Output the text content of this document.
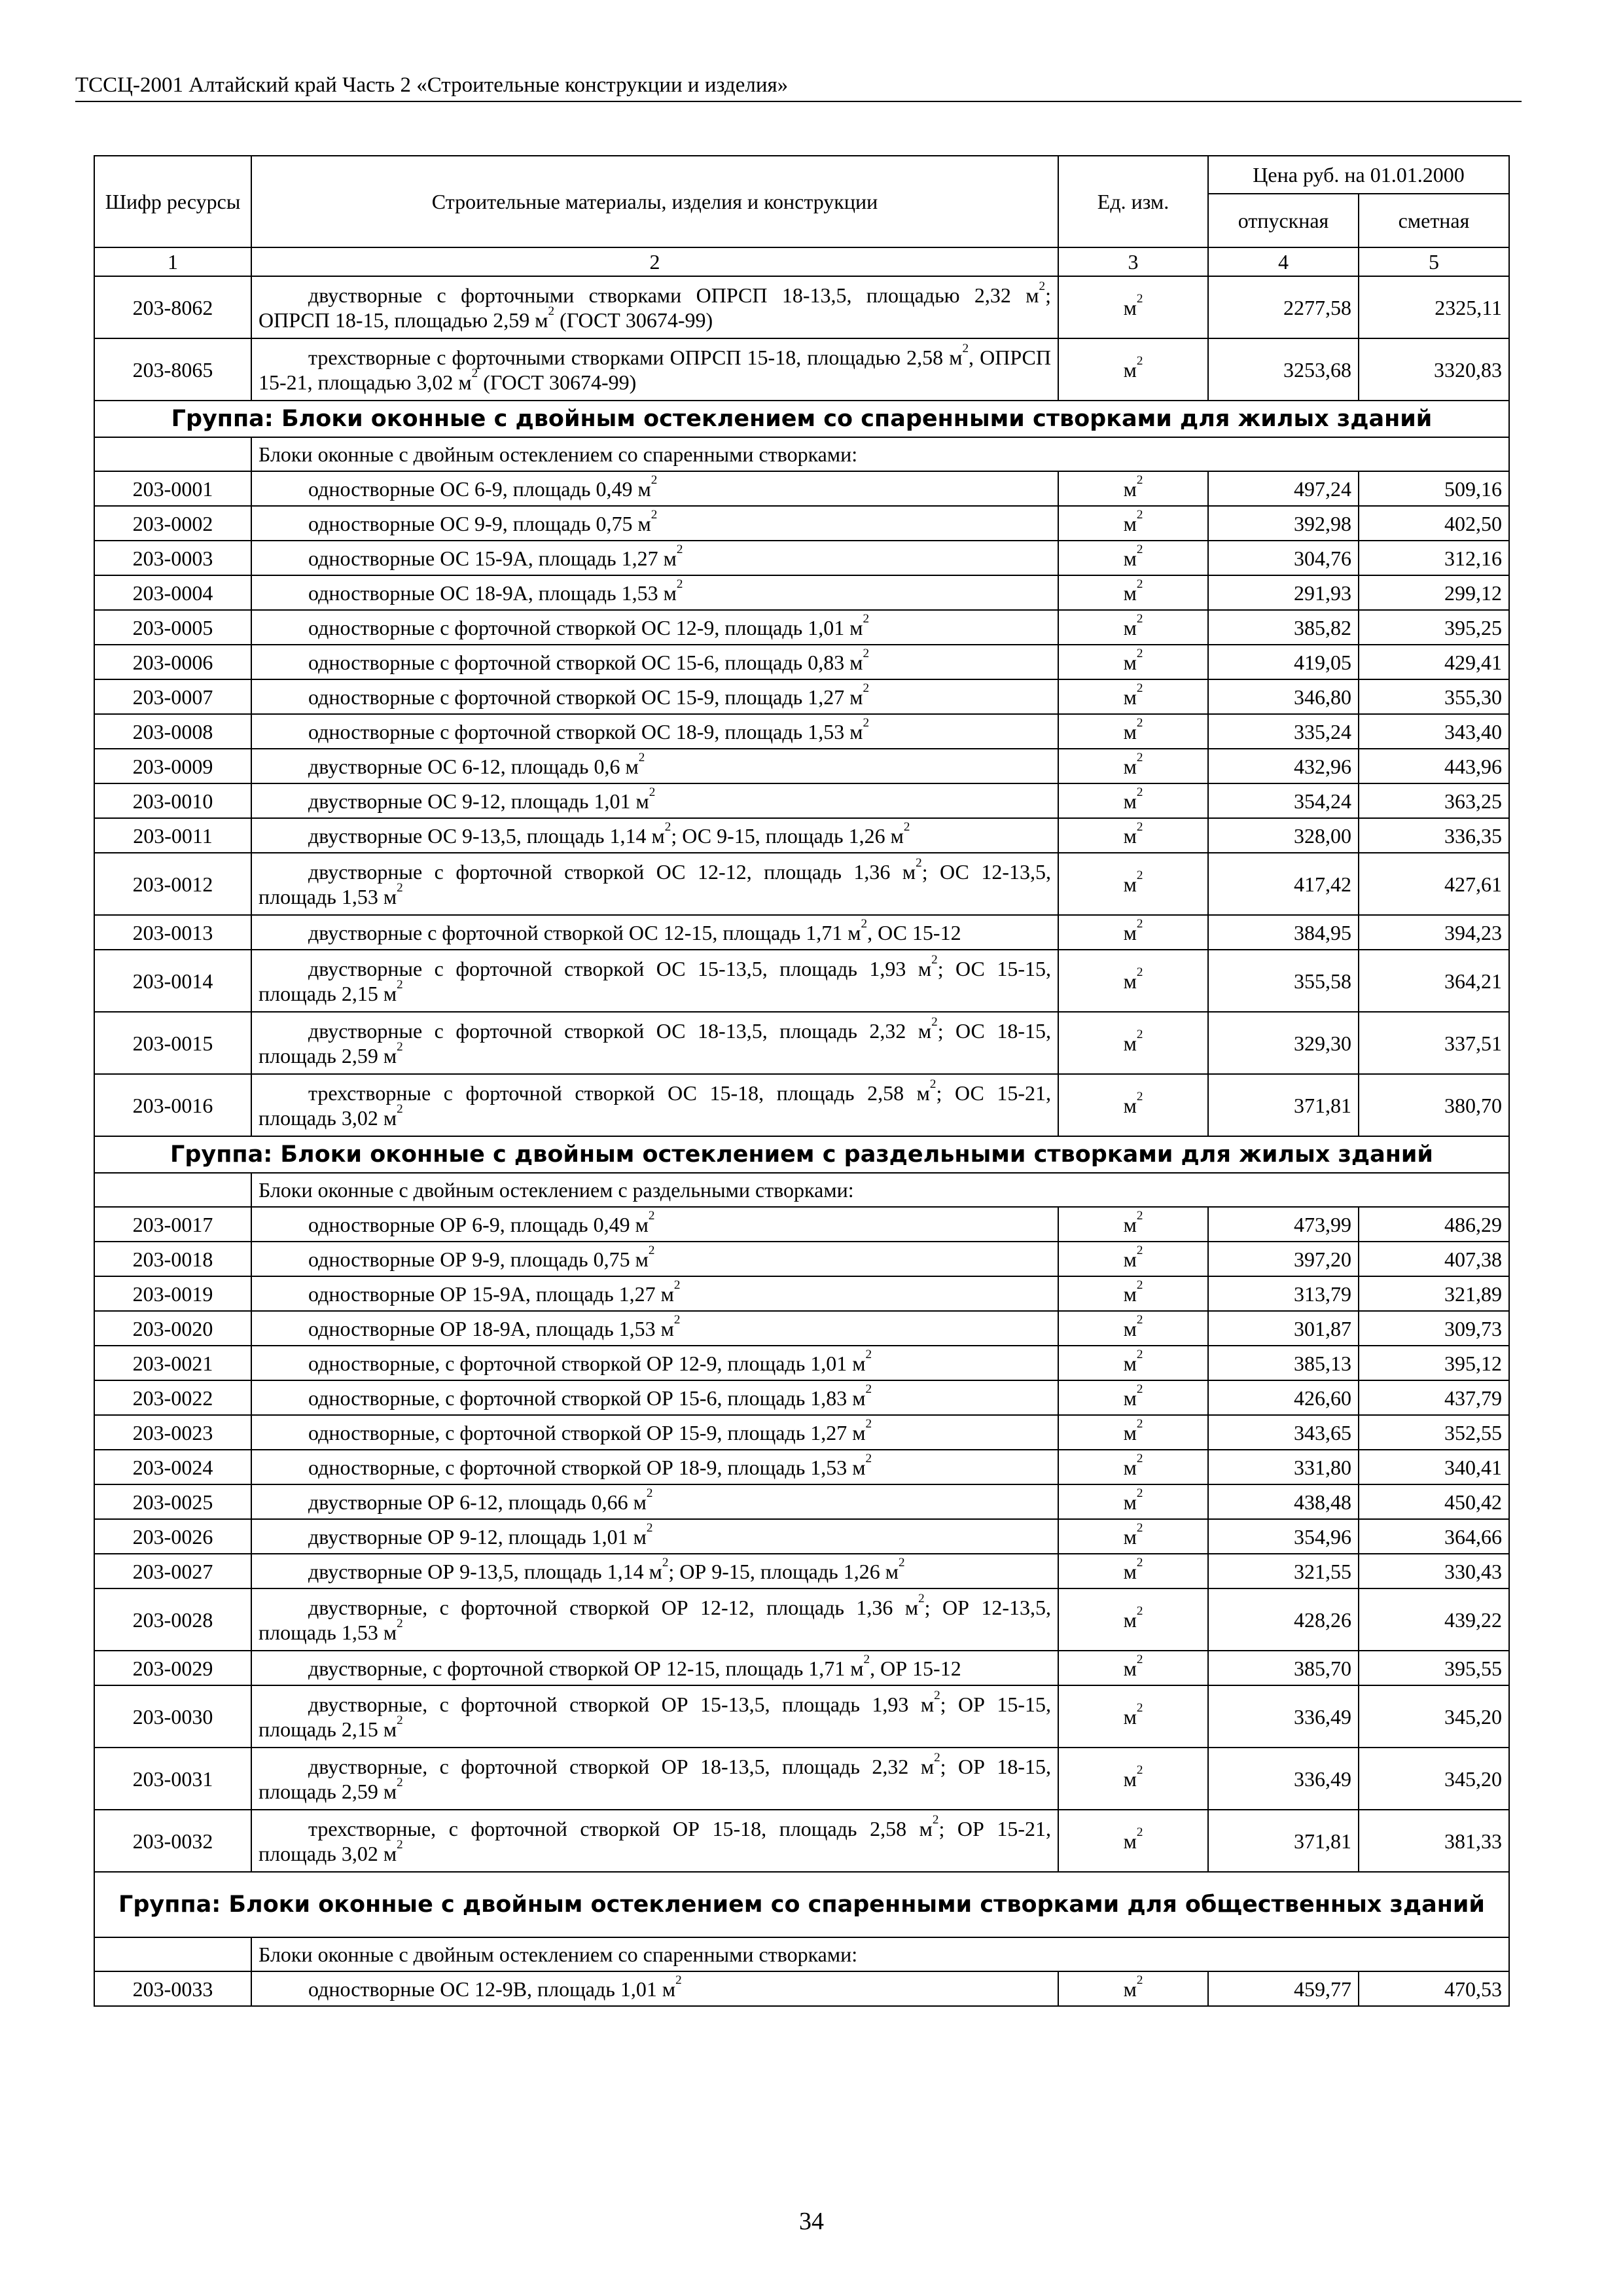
ТССЦ-2001 Алтайский край Часть 2 «Строительные конструкции и изделия»
Шифр ресурсы	Строительные материалы, изделия и конструкции	Ед. изм.	Цена руб. на 01.01.2000	
			отпускная	сметная
1	2	3	4	5
203-8062	двустворные с форточными створками ОПРСП 18-13,5, площадью 2,32 $м^2$; ОПРСП 18-15, площадью 2,59 $м^2$ (ГОСТ 30674-99)	$м^2$	2277,58	2325,11
203-8065	трехстворные с форточными створками ОПРСП 15-18, площадью 2,58 $м^2$, ОПРСП 15-21, площадью 3,02 $м^2$ (ГОСТ 30674-99)	$м^2$	3253,68	3320,83
Группа: Блоки оконные с двойным остеклением со спаренными створками для жилых зданий				
	Блоки оконные с двойным остеклением со спаренными створками:			
203-0001	одностворные ОС 6-9, площадь 0,49 $м^2$	$м^2$	497,24	509,16
203-0002	одностворные ОС 9-9, площадь 0,75 $м^2$	$м^2$	392,98	402,50
203-0003	одностворные ОС 15-9А, площадь 1,27 $м^2$	$м^2$	304,76	312,16
203-0004	одностворные ОС 18-9А, площадь 1,53 $м^2$	$м^2$	291,93	299,12
203-0005	одностворные с форточной створкой ОС 12-9, площадь 1,01 $м^2$	$м^2$	385,82	395,25
203-0006	одностворные с форточной створкой ОС 15-6, площадь 0,83 $м^2$	$м^2$	419,05	429,41
203-0007	одностворные с форточной створкой ОС 15-9, площадь 1,27 $м^2$	$м^2$	346,80	355,30
203-0008	одностворные с форточной створкой ОС 18-9, площадь 1,53 $м^2$	$м^2$	335,24	343,40
203-0009	двустворные ОС 6-12, площадь 0,6 $м^2$	$м^2$	432,96	443,96
203-0010	двустворные ОС 9-12, площадь 1,01 $м^2$	$м^2$	354,24	363,25
203-0011	двустворные ОС 9-13,5, площадь 1,14 $м^2$; ОС 9-15, площадь 1,26 $м^2$	$м^2$	328,00	336,35
203-0012	двустворные с форточной створкой ОС 12-12, площадь 1,36 $м^2$; ОС 12-13,5, площадь 1,53 $м^2$	$м^2$	417,42	427,61
203-0013	двустворные с форточной створкой ОС 12-15, площадь 1,71 $м^2$, ОС 15-12	$м^2$	384,95	394,23
203-0014	двустворные с форточной створкой ОС 15-13,5, площадь 1,93 $м^2$; ОС 15-15, площадь 2,15 $м^2$	$м^2$	355,58	364,21
203-0015	двустворные с форточной створкой ОС 18-13,5, площадь 2,32 $м^2$; ОС 18-15, площадь 2,59 $м^2$	$м^2$	329,30	337,51
203-0016	трехстворные с форточной створкой ОС 15-18, площадь 2,58 $м^2$; ОС 15-21, площадь 3,02 $м^2$	$м^2$	371,81	380,70
Группа: Блоки оконные с двойным остеклением с раздельными створками для жилых зданий				
	Блоки оконные с двойным остеклением с раздельными створками:			
203-0017	одностворные ОР 6-9, площадь 0,49 $м^2$	$м^2$	473,99	486,29
203-0018	одностворные ОР 9-9, площадь 0,75 $м^2$	$м^2$	397,20	407,38
203-0019	одностворные ОР 15-9А, площадь 1,27 $м^2$	$м^2$	313,79	321,89
203-0020	одностворные ОР 18-9А, площадь 1,53 $м^2$	$м^2$	301,87	309,73
203-0021	одностворные, с форточной створкой ОР 12-9, площадь 1,01 $м^2$	$м^2$	385,13	395,12
203-0022	одностворные, с форточной створкой ОР 15-6, площадь 1,83 $м^2$	$м^2$	426,60	437,79
203-0023	одностворные, с форточной створкой ОР 15-9, площадь 1,27 $м^2$	$м^2$	343,65	352,55
203-0024	одностворные, с форточной створкой ОР 18-9, площадь 1,53 $м^2$	$м^2$	331,80	340,41
203-0025	двустворные ОР 6-12, площадь 0,66 $м^2$	$м^2$	438,48	450,42
203-0026	двустворные ОР 9-12, площадь 1,01 $м^2$	$м^2$	354,96	364,66
203-0027	двустворные ОР 9-13,5, площадь 1,14 $м^2$; ОР 9-15, площадь 1,26 $м^2$	$м^2$	321,55	330,43
203-0028	двустворные, с форточной створкой ОР 12-12, площадь 1,36 $м^2$; ОР 12-13,5, площадь 1,53 $м^2$	$м^2$	428,26	439,22
203-0029	двустворные, с форточной створкой ОР 12-15, площадь 1,71 $м^2$, ОР 15-12	$м^2$	385,70	395,55
203-0030	двустворные, с форточной створкой ОР 15-13,5, площадь 1,93 $м^2$; ОР 15-15, площадь 2,15 $м^2$	$м^2$	336,49	345,20
203-0031	двустворные, с форточной створкой ОР 18-13,5, площадь 2,32 $м^2$; ОР 18-15, площадь 2,59 $м^2$	$м^2$	336,49	345,20
203-0032	трехстворные, с форточной створкой ОР 15-18, площадь 2,58 $м^2$; ОР 15-21, площадь 3,02 $м^2$	$м^2$	371,81	381,33
Группа: Блоки оконные с двойным остеклением со спаренными створками для общественных зданий				
	Блоки оконные с двойным остеклением со спаренными створками:			
203-0033	одностворные ОС 12-9В, площадь 1,01 $м^2$	$м^2$	459,77	470,53
34
